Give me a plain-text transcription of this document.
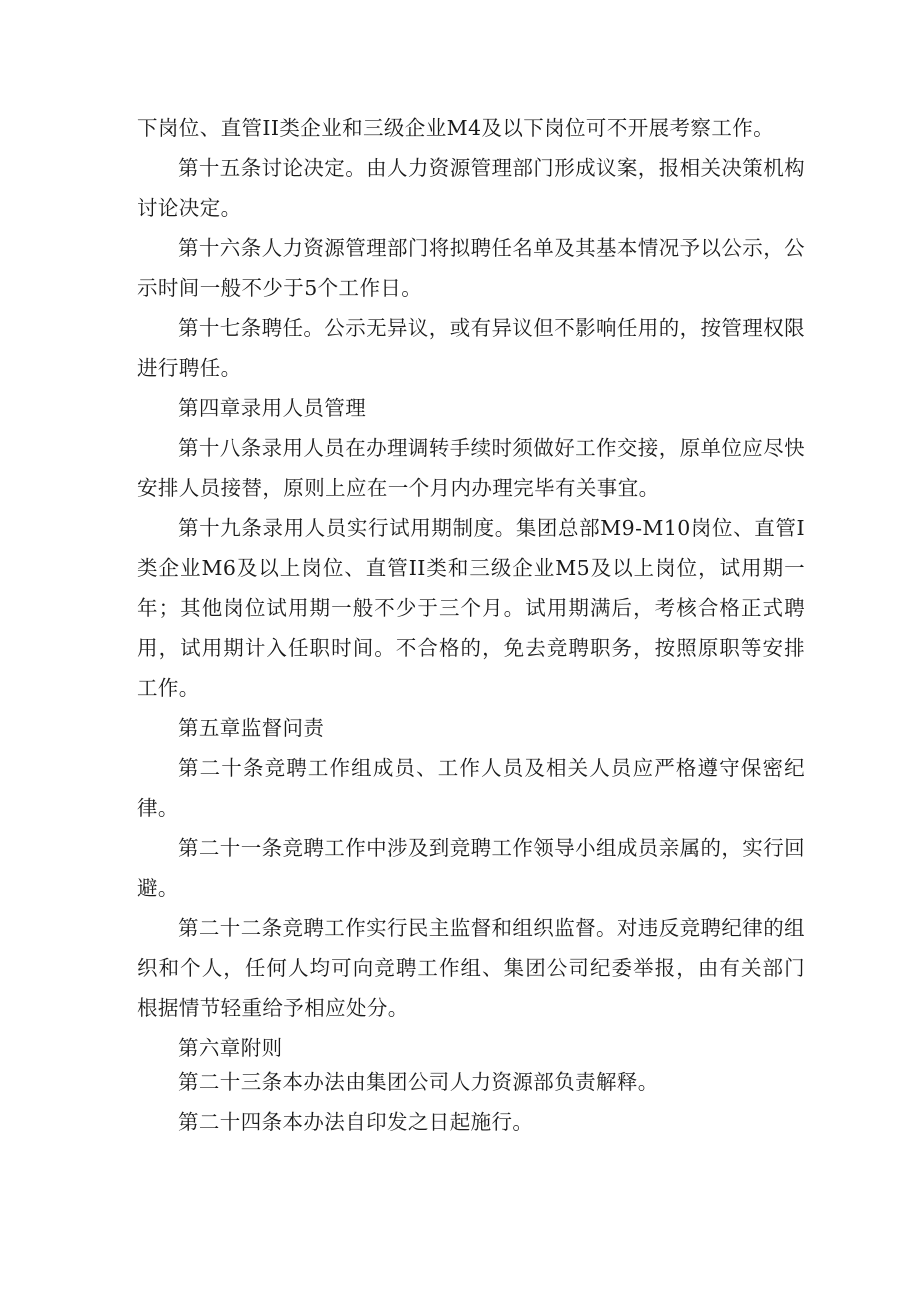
下岗位、直管II类企业和三级企业M4及以下岗位可不开展考察工作。

第十五条讨论决定。由人力资源管理部门形成议案，报相关决策机构讨论决定。

第十六条人力资源管理部门将拟聘任名单及其基本情况予以公示，公示时间一般不少于5个工作日。

第十七条聘任。公示无异议，或有异议但不影响任用的，按管理权限进行聘任。

第四章录用人员管理

第十八条录用人员在办理调转手续时须做好工作交接，原单位应尽快安排人员接替，原则上应在一个月内办理完毕有关事宜。

第十九条录用人员实行试用期制度。集团总部M9-M10岗位、直管I类企业M6及以上岗位、直管II类和三级企业M5及以上岗位，试用期一年；其他岗位试用期一般不少于三个月。试用期满后，考核合格正式聘用，试用期计入任职时间。不合格的，免去竞聘职务，按照原职等安排工作。

第五章监督问责

第二十条竞聘工作组成员、工作人员及相关人员应严格遵守保密纪律。

第二十一条竞聘工作中涉及到竞聘工作领导小组成员亲属的，实行回避。

第二十二条竞聘工作实行民主监督和组织监督。对违反竞聘纪律的组织和个人，任何人均可向竞聘工作组、集团公司纪委举报，由有关部门根据情节轻重给予相应处分。

第六章附则

第二十三条本办法由集团公司人力资源部负责解释。

第二十四条本办法自印发之日起施行。
